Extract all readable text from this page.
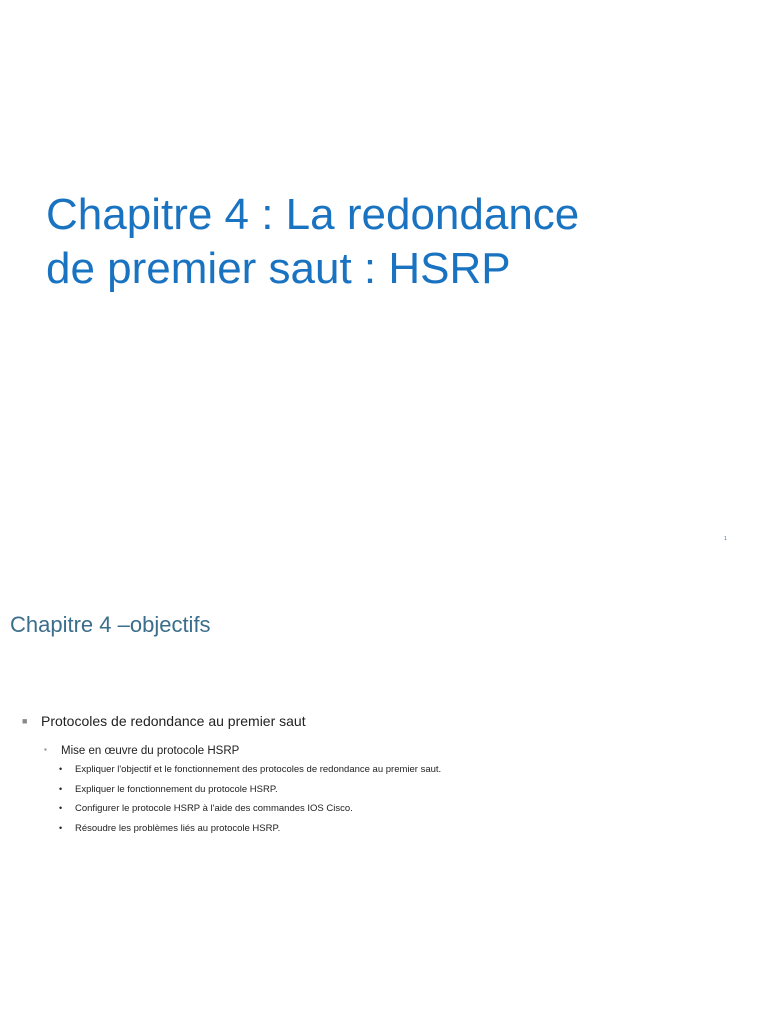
Chapitre 4 : La redondance
de premier saut : HSRP
1
Chapitre 4 –objectifs
■ Protocoles de redondance au premier saut
▪ Mise en œuvre du protocole HSRP
• Expliquer l'objectif et le fonctionnement des protocoles de redondance au premier saut.
• Expliquer le fonctionnement du protocole HSRP.
• Configurer le protocole HSRP à l'aide des commandes IOS Cisco.
• Résoudre les problèmes liés au protocole HSRP.
